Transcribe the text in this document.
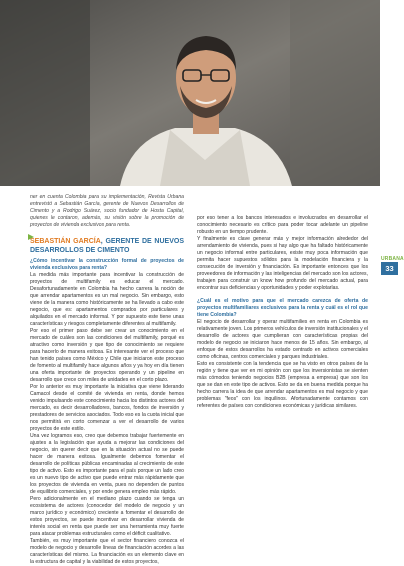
URBANA
33

ner en cuenta Colombia para su implementación, Revista Urbana entrevistó a Sebastián García, gerente de Nuevos Desarrollos de Cimento y a Rodrigo Suárez, socio fundador de Hosta Capital, quienes le contaron, además, su visión sobre la promoción de proyectos de vivienda exclusivos para renta.

SEBASTIÁN GARCÍA, GERENTE DE NUEVOS DESARROLLOS DE CIMENTO

¿Cómo incentivar la construcción formal de proyectos de vivienda exclusivos para renta?

La medida más importante para incentivar la construcción de proyectos de multifamily es educar el mercado. Desafortunadamente en Colombia ha hecho carrera la noción de que arrendar apartamentos es un mal negocio. Sin embargo, esto viene de la manera como históricamente se ha llevado a cabo este negocio, que es: apartamentos comprados por particulares y alquilados en el mercado informal. Y por supuesto este tiene unas características y riesgos completamente diferentes al multifamily.

Por eso el primer paso debe ser crear un conocimiento en el mercado de cuáles son las condiciones del multifamily, porqué es atractivo como inversión y que tipo de conocimiento se requiere para hacerlo de manera exitosa. Es interesante ver el proceso que han tenido países como México y Chile que iniciaron este proceso de fomento al multifamily hace algunos años y ya hoy en día tienen una oferta importante de proyectos operando y un pipeline en desarrollo que crece con miles de unidades en el corto plazo.

Por lo anterior es muy importante la iniciativa que viene liderando Camacol desde el comité de vivienda en renta, donde hemos venido impulsando este conocimiento hacia los distintos actores del mercado, es decir desarrolladores, bancos, fondos de inversión y prestadores de servicios asociados. Todo eso es la cuota inicial que nos permitirá en corto comenzar a ver el desarrollo de varios proyectos de este estilo.

Una vez logramos eso, creo que debemos trabajar fuertemente en ajustes a la legislación que ayuda a mejorar las condiciones del negocio, sin querer decir que en la situación actual no se puede hacer de manera exitosa. Igualmente debemos fomentar el desarrollo de políticas públicas encaminadas al crecimiento de este tipo de activo. Esto es importante para el país porque un lado creo es un nuevo tipo de activo que puede entrar más rápidamente que los proyectos de vivienda en venta, pues no dependen de puntos de equilibrio comerciales, y por ende genera empleo más rápido.

Pero adicionalmente en el mediano plazo cuando se tenga un ecosistema de actores (conocedor del modelo de negocio y un marco jurídico y económico) creciente a fomentar el desarrollo de estos proyectos, se puede incentivar en desarrollar vivienda de interés social en renta que puede ser una herramienta muy fuerte para atacar problemas estructurales como el déficit cualitativo.

También, es muy importante que el sector financiero conozca el modelo de negocio y desarrolle líneas de financiación acordes a las características del mismo. La financiación es un elemento clave en la estructura de capital y la viabilidad de estos proyectos,

por eso tener a los bancos interesados e involucrados en desarrollar el conocimiento necesario es crítico para poder tocar adelante un pipeline robusto en un tiempo prudente.

Y finalmente es clave generar más y mejor información alrededor del arrendamiento de vivienda, pues si hay algo que ha faltado históricamente un negocio informal entre particulares, existe muy poca información que permita hacer supuestos sólidos para la modelación financiera y la consecución de inversión y financiación. Es importante entonces que los proveedores de información y las inteligencias del mercado son los actores, trabajen para construir un know how profundo del mercado actual, para encontrar sus deficiencias y oportunidades y poder explotarlas.

¿Cuál es el motivo para que el mercado carezca de oferta de proyectos multifamiliares exclusivos para la renta y cuál es el rol que tiene Colombia?

El negocio de desarrollar y operar multifamilies en renta en Colombia es relativamente joven. Los primeros vehículos de inversión institucionales y el desarrollo de actores que cumplieran con características propias del modelo de negocio se iniciaron hace menos de 15 años. Sin embargo, al enfoque de estos desarrollos ha estado centrado en activos comerciales como oficinas, centros comerciales y parques industriales.

Esto es consistente con la tendencia que se ha visto en otros países de la región y tiene que ver en mi opinión con que los inversionistas se sienten más cómodos teniendo negocios B2B (empresa a empresa) que son los que se dan en este tipo de activos. Esto se da en buena medida porque ha hecho carrera la idea de que arrendar apartamentos es mal negocio y que problemas "feos" con los inquilinos. Afortunadamente contamos con referentes de países con condiciones económicas y jurídicas similares.
